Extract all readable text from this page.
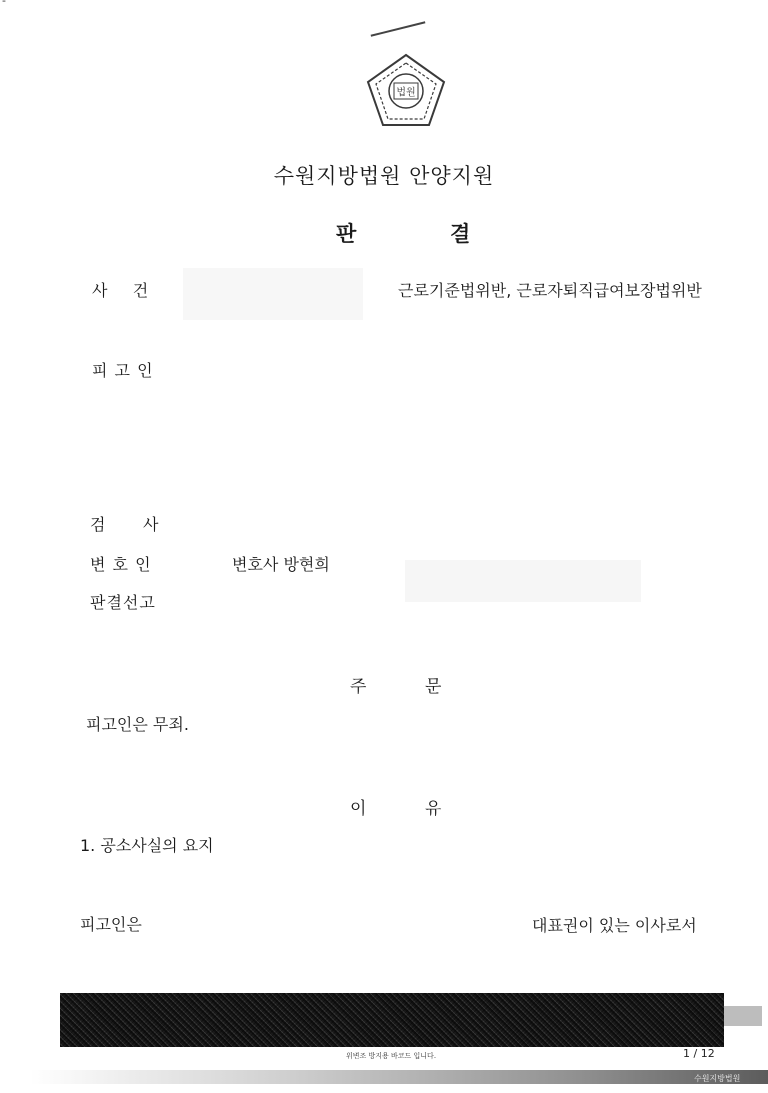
-
법원
수원지방법원 안양지원
판	결
사    건	근로기준법위반, 근로자퇴직급여보장법위반
피 고 인
검      사
변 호 인	변호사 방현희
판결선고
주	문
피고인은 무죄.
이	유
1. 공소사실의 요지
피고인은	대표권이 있는 이사로서
위변조 방지용 바코드 입니다.	1 / 12
수원지방법원
